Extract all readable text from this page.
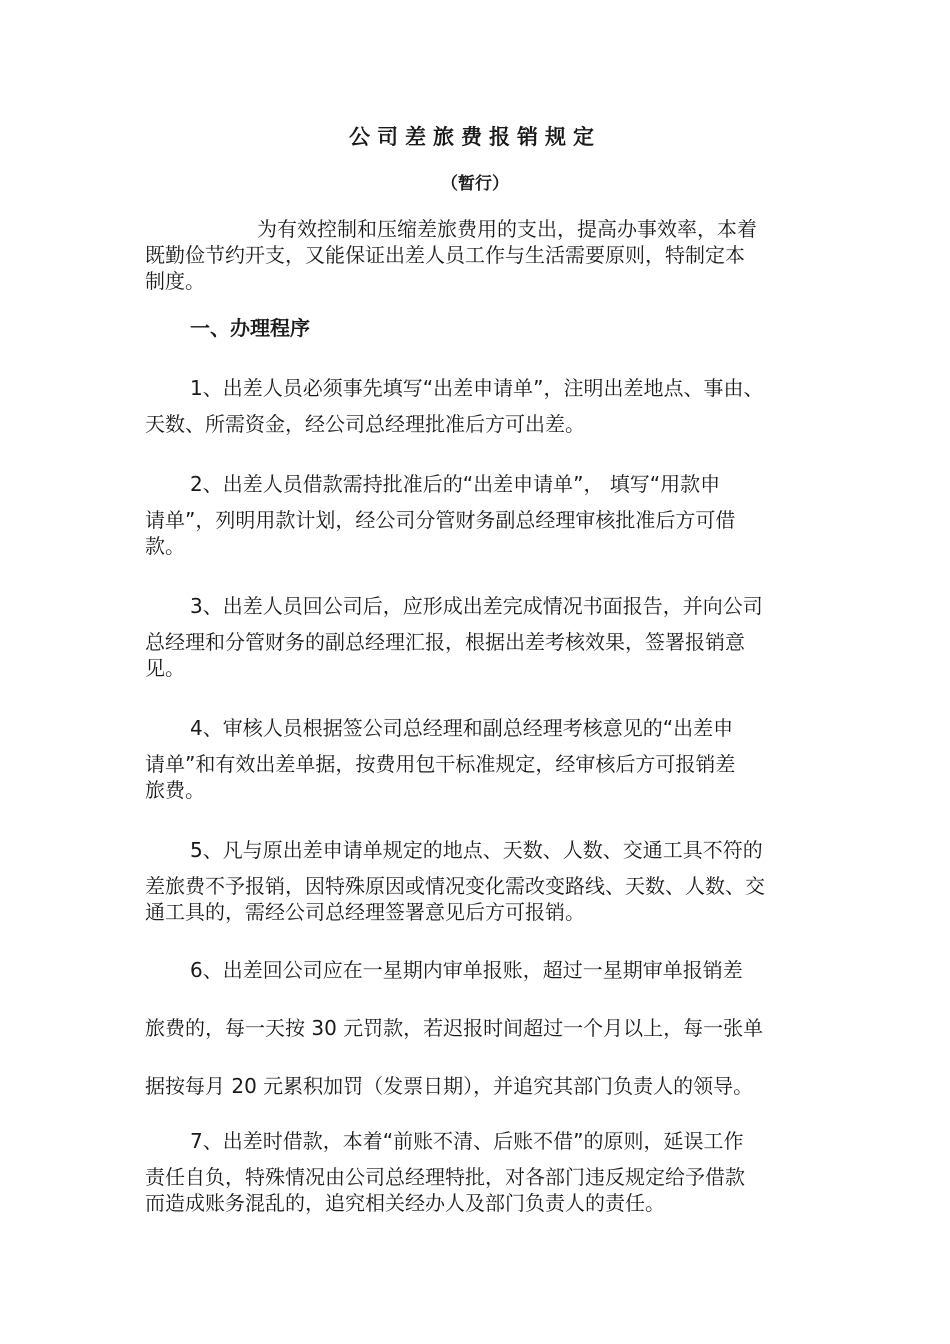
公司差旅费报销规定
（暂行）
为有效控制和压缩差旅费用的支出，提高办事效率，本着
既勤俭节约开支，又能保证出差人员工作与生活需要原则，特制定本
制度。
一、办理程序
1、出差人员必须事先填写“出差申请单”，注明出差地点、事由、
天数、所需资金，经公司总经理批准后方可出差。
2、出差人员借款需持批准后的“出差申请单”， 填写“用款申
请单”，列明用款计划，经公司分管财务副总经理审核批准后方可借
款。
3、出差人员回公司后，应形成出差完成情况书面报告，并向公司
总经理和分管财务的副总经理汇报，根据出差考核效果，签署报销意
见。
4、审核人员根据签公司总经理和副总经理考核意见的“出差申
请单”和有效出差单据，按费用包干标准规定，经审核后方可报销差
旅费。
5、凡与原出差申请单规定的地点、天数、人数、交通工具不符的
差旅费不予报销，因特殊原因或情况变化需改变路线、天数、人数、交
通工具的，需经公司总经理签署意见后方可报销。
6、出差回公司应在一星期内审单报账，超过一星期审单报销差
旅费的，每一天按 30 元罚款，若迟报时间超过一个月以上，每一张单
据按每月 20 元累积加罚（发票日期），并追究其部门负责人的领导。
7、出差时借款，本着“前账不清、后账不借”的原则，延误工作
责任自负，特殊情况由公司总经理特批，对各部门违反规定给予借款
而造成账务混乱的，追究相关经办人及部门负责人的责任。
